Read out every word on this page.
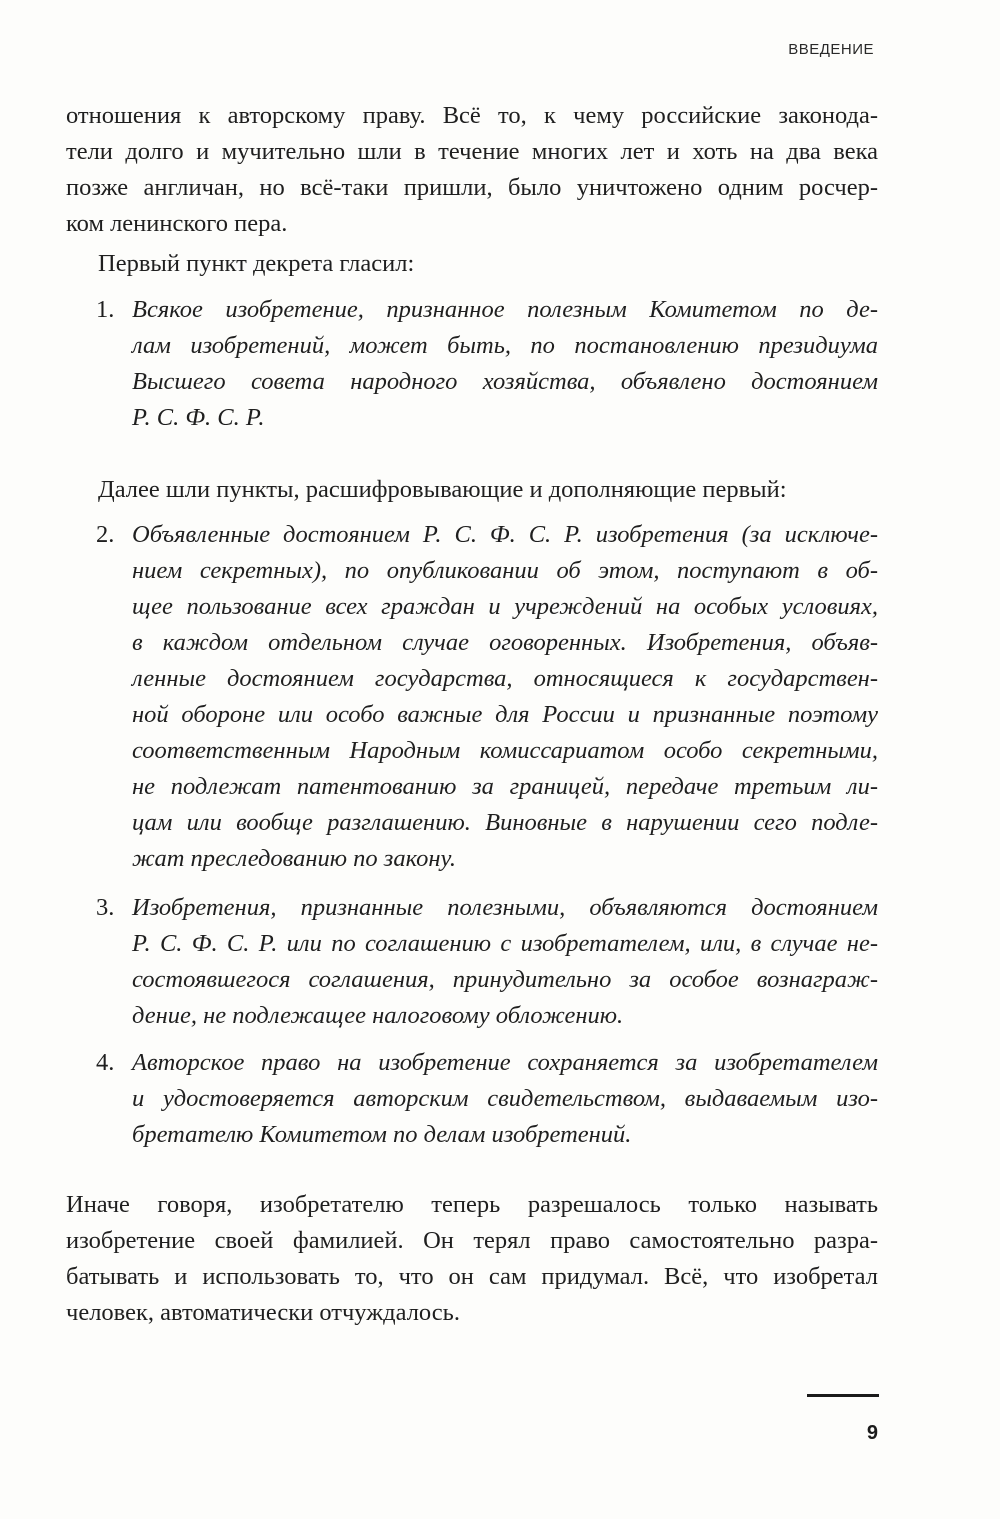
ВВЕДЕНИЕ
отношения к авторскому праву. Всё то, к чему российские законода-
тели долго и мучительно шли в течение многих лет и хоть на два века
позже англичан, но всё-таки пришли, было уничтожено одним росчер-
ком ленинского пера.
Первый пункт декрета гласил:
1. Всякое изобретение, признанное полезным Комитетом по де-
лам изобретений, может быть, по постановлению президиума
Высшего совета народного хозяйства, объявлено достоянием
Р. С. Ф. С. Р.
Далее шли пункты, расшифровывающие и дополняющие первый:
2. Объявленные достоянием Р. С. Ф. С. Р. изобретения (за исключе-
нием секретных), по опубликовании об этом, поступают в об-
щее пользование всех граждан и учреждений на особых условиях,
в каждом отдельном случае оговоренных. Изобретения, объяв-
ленные достоянием государства, относящиеся к государствен-
ной обороне или особо важные для России и признанные поэтому
соответственным Народным комиссариатом особо секретными,
не подлежат патентованию за границей, передаче третьим ли-
цам или вообще разглашению. Виновные в нарушении сего подле-
жат преследованию по закону.
3. Изобретения, признанные полезными, объявляются достоянием
Р. С. Ф. С. Р. или по соглашению с изобретателем, или, в случае не-
состоявшегося соглашения, принудительно за особое вознаграж-
дение, не подлежащее налоговому обложению.
4. Авторское право на изобретение сохраняется за изобретателем
и удостоверяется авторским свидетельством, выдаваемым изо-
бретателю Комитетом по делам изобретений.
Иначе говоря, изобретателю теперь разрешалось только называть
изобретение своей фамилией. Он терял право самостоятельно разра-
батывать и использовать то, что он сам придумал. Всё, что изобретал
человек, автоматически отчуждалось.
9
